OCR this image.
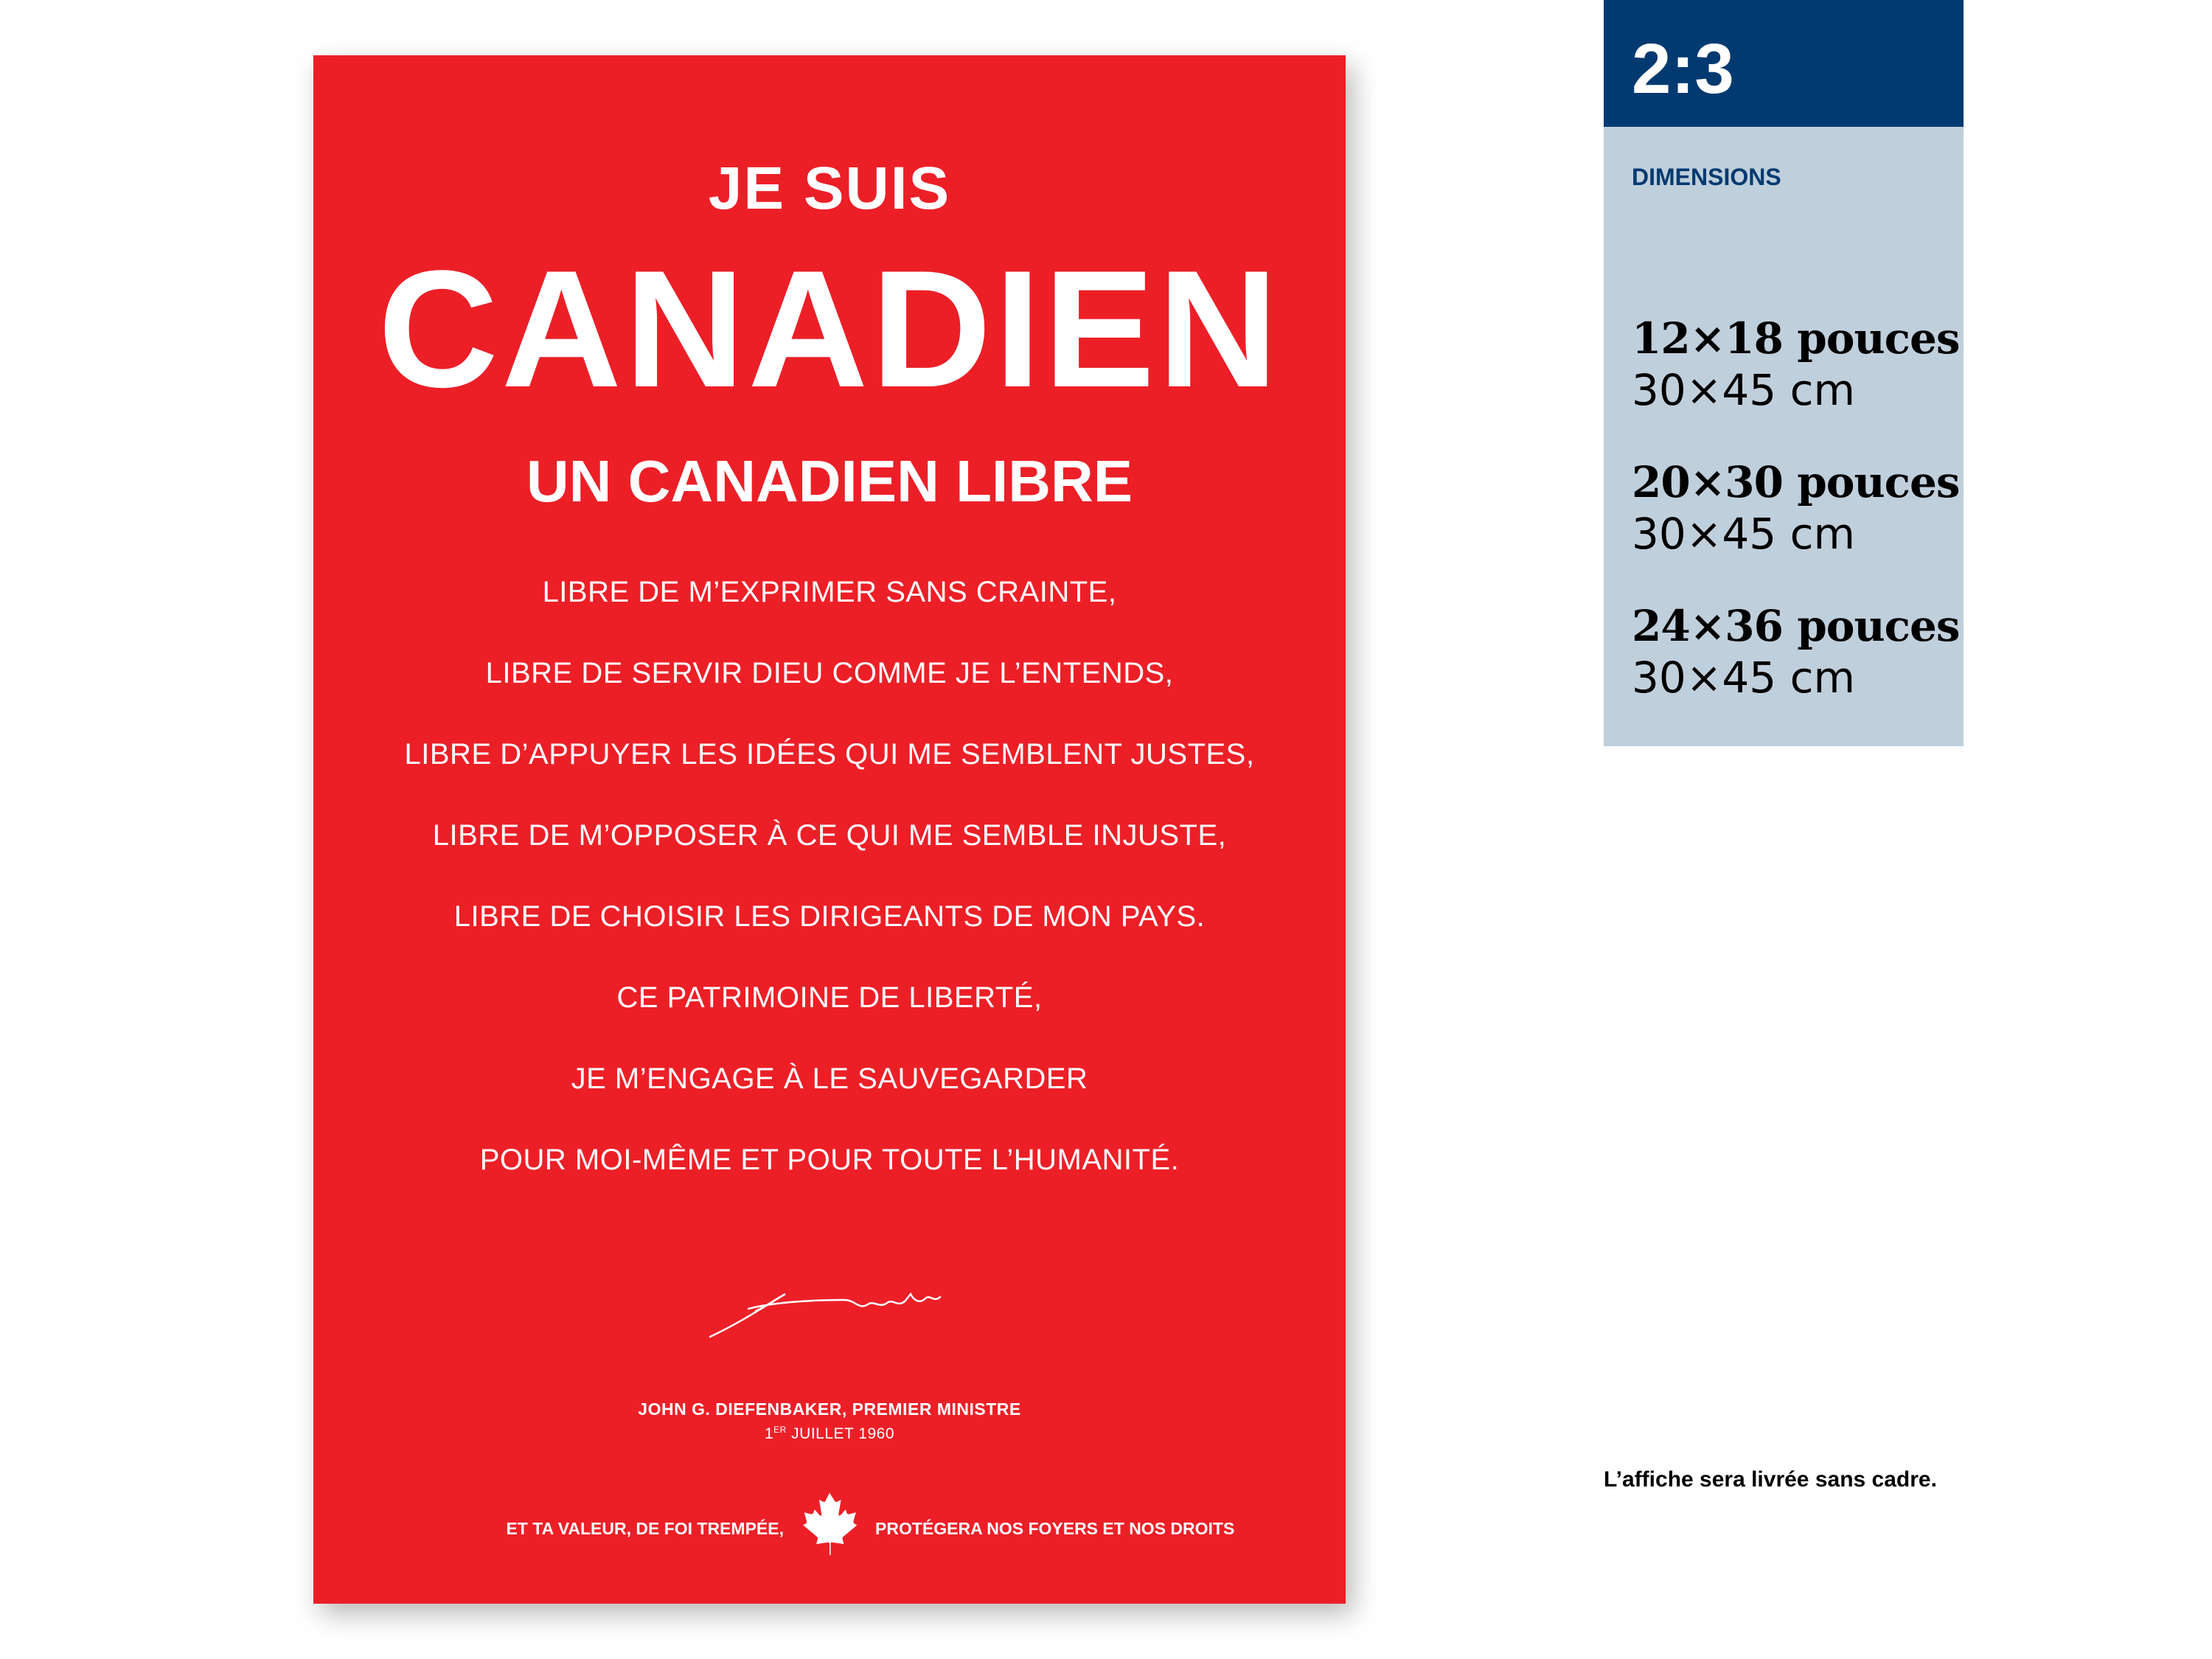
JE SUIS
CANADIEN
UN CANADIEN LIBRE
LIBRE DE M’EXPRIMER SANS CRAINTE,
LIBRE DE SERVIR DIEU COMME JE L’ENTENDS,
LIBRE D’APPUYER LES IDÉES QUI ME SEMBLENT JUSTES,
LIBRE DE M’OPPOSER À CE QUI ME SEMBLE INJUSTE,
LIBRE DE CHOISIR LES DIRIGEANTS DE MON PAYS.
CE PATRIMOINE DE LIBERTÉ,
JE M’ENGAGE À LE SAUVEGARDER
POUR MOI-MÊME ET POUR TOUTE L’HUMANITÉ.
JOHN G. DIEFENBAKER, PREMIER MINISTRE
1ER JUILLET 1960
ET TA VALEUR, DE FOI TREMPÉE,	PROTÉGERA NOS FOYERS ET NOS DROITS
2:3
DIMENSIONS
12×18 pouces
30×45 cm
20×30 pouces
30×45 cm
24×36 pouces
30×45 cm
L’affiche sera livrée sans cadre.
